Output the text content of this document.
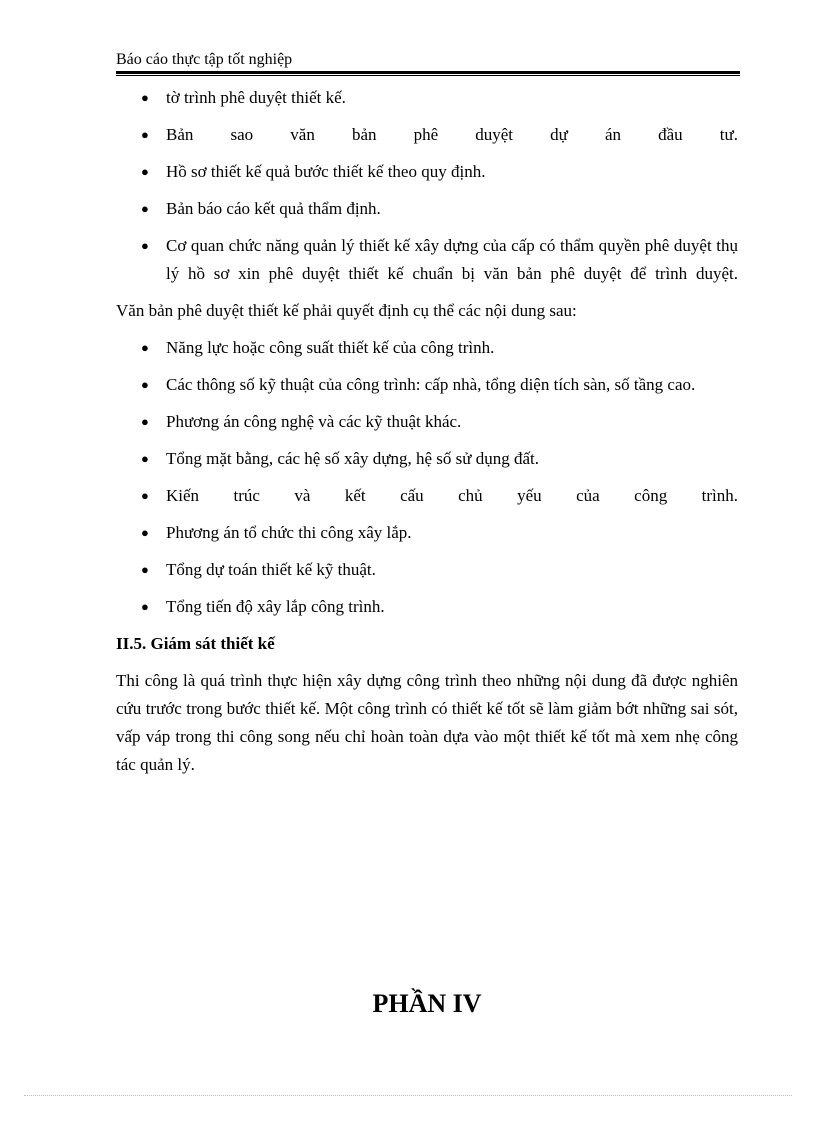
Báo cáo thực tập tốt nghiệp
● tờ trình phê duyệt thiết kế.
● Bản sao văn bản phê duyệt dự án đầu tư.
● Hồ sơ thiết kế quả bước thiết kế theo quy định.
● Bản báo cáo kết quả thẩm định.
● Cơ quan chức năng quản lý thiết kế xây dựng của cấp có thẩm quyền phê duyệt thụ lý hồ sơ xin phê duyệt thiết kế chuẩn bị văn bản phê duyệt để trình duyệt.

Văn bản phê duyệt thiết kế phải quyết định cụ thể các nội dung sau:

● Năng lực hoặc công suất thiết kế của công trình.
● Các thông số kỹ thuật của công trình: cấp nhà, tổng diện tích sàn, số tầng cao.
● Phương án công nghệ và các kỹ thuật khác.
● Tổng mặt bằng, các hệ số xây dựng, hệ số sử dụng đất.
● Kiến trúc và kết cấu chủ yếu của công trình.
● Phương án tổ chức thi công xây lắp.
● Tổng dự toán thiết kế kỹ thuật.
● Tổng tiến độ xây lắp công trình.
II.5. Giám sát thiết kế

Thi công là quá trình thực hiện xây dựng công trình theo những nội dung đã được nghiên cứu trước trong bước thiết kế. Một công trình có thiết kế tốt sẽ làm giảm bớt những sai sót, vấp váp trong thi công song nếu chỉ hoàn toàn dựa vào một thiết kế tốt mà xem nhẹ công tác quản lý.

PHẦN IV
